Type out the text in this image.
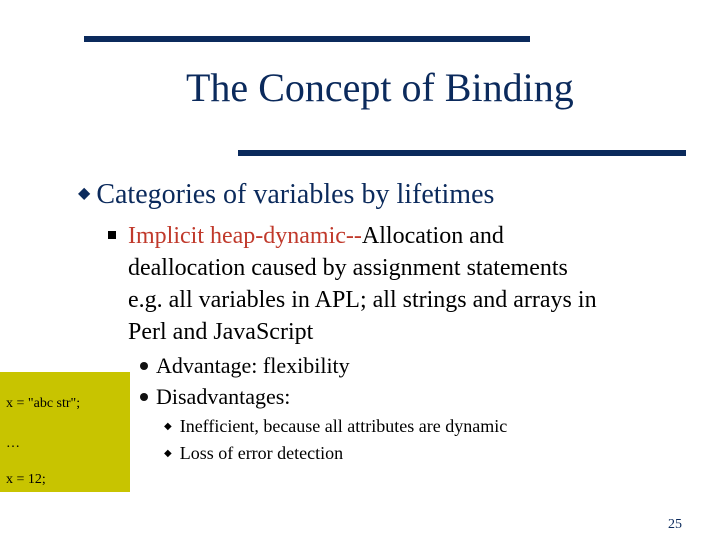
The Concept of Binding
◆ Categories of variables by lifetimes
Implicit heap-dynamic--Allocation and
deallocation caused by assignment statements
e.g. all variables in APL; all strings and arrays in
Perl and JavaScript
Advantage: flexibility
Disadvantages:
◆ Inefficient, because all attributes are dynamic
◆ Loss of error detection
x = "abc str";
…
x = 12;
25
